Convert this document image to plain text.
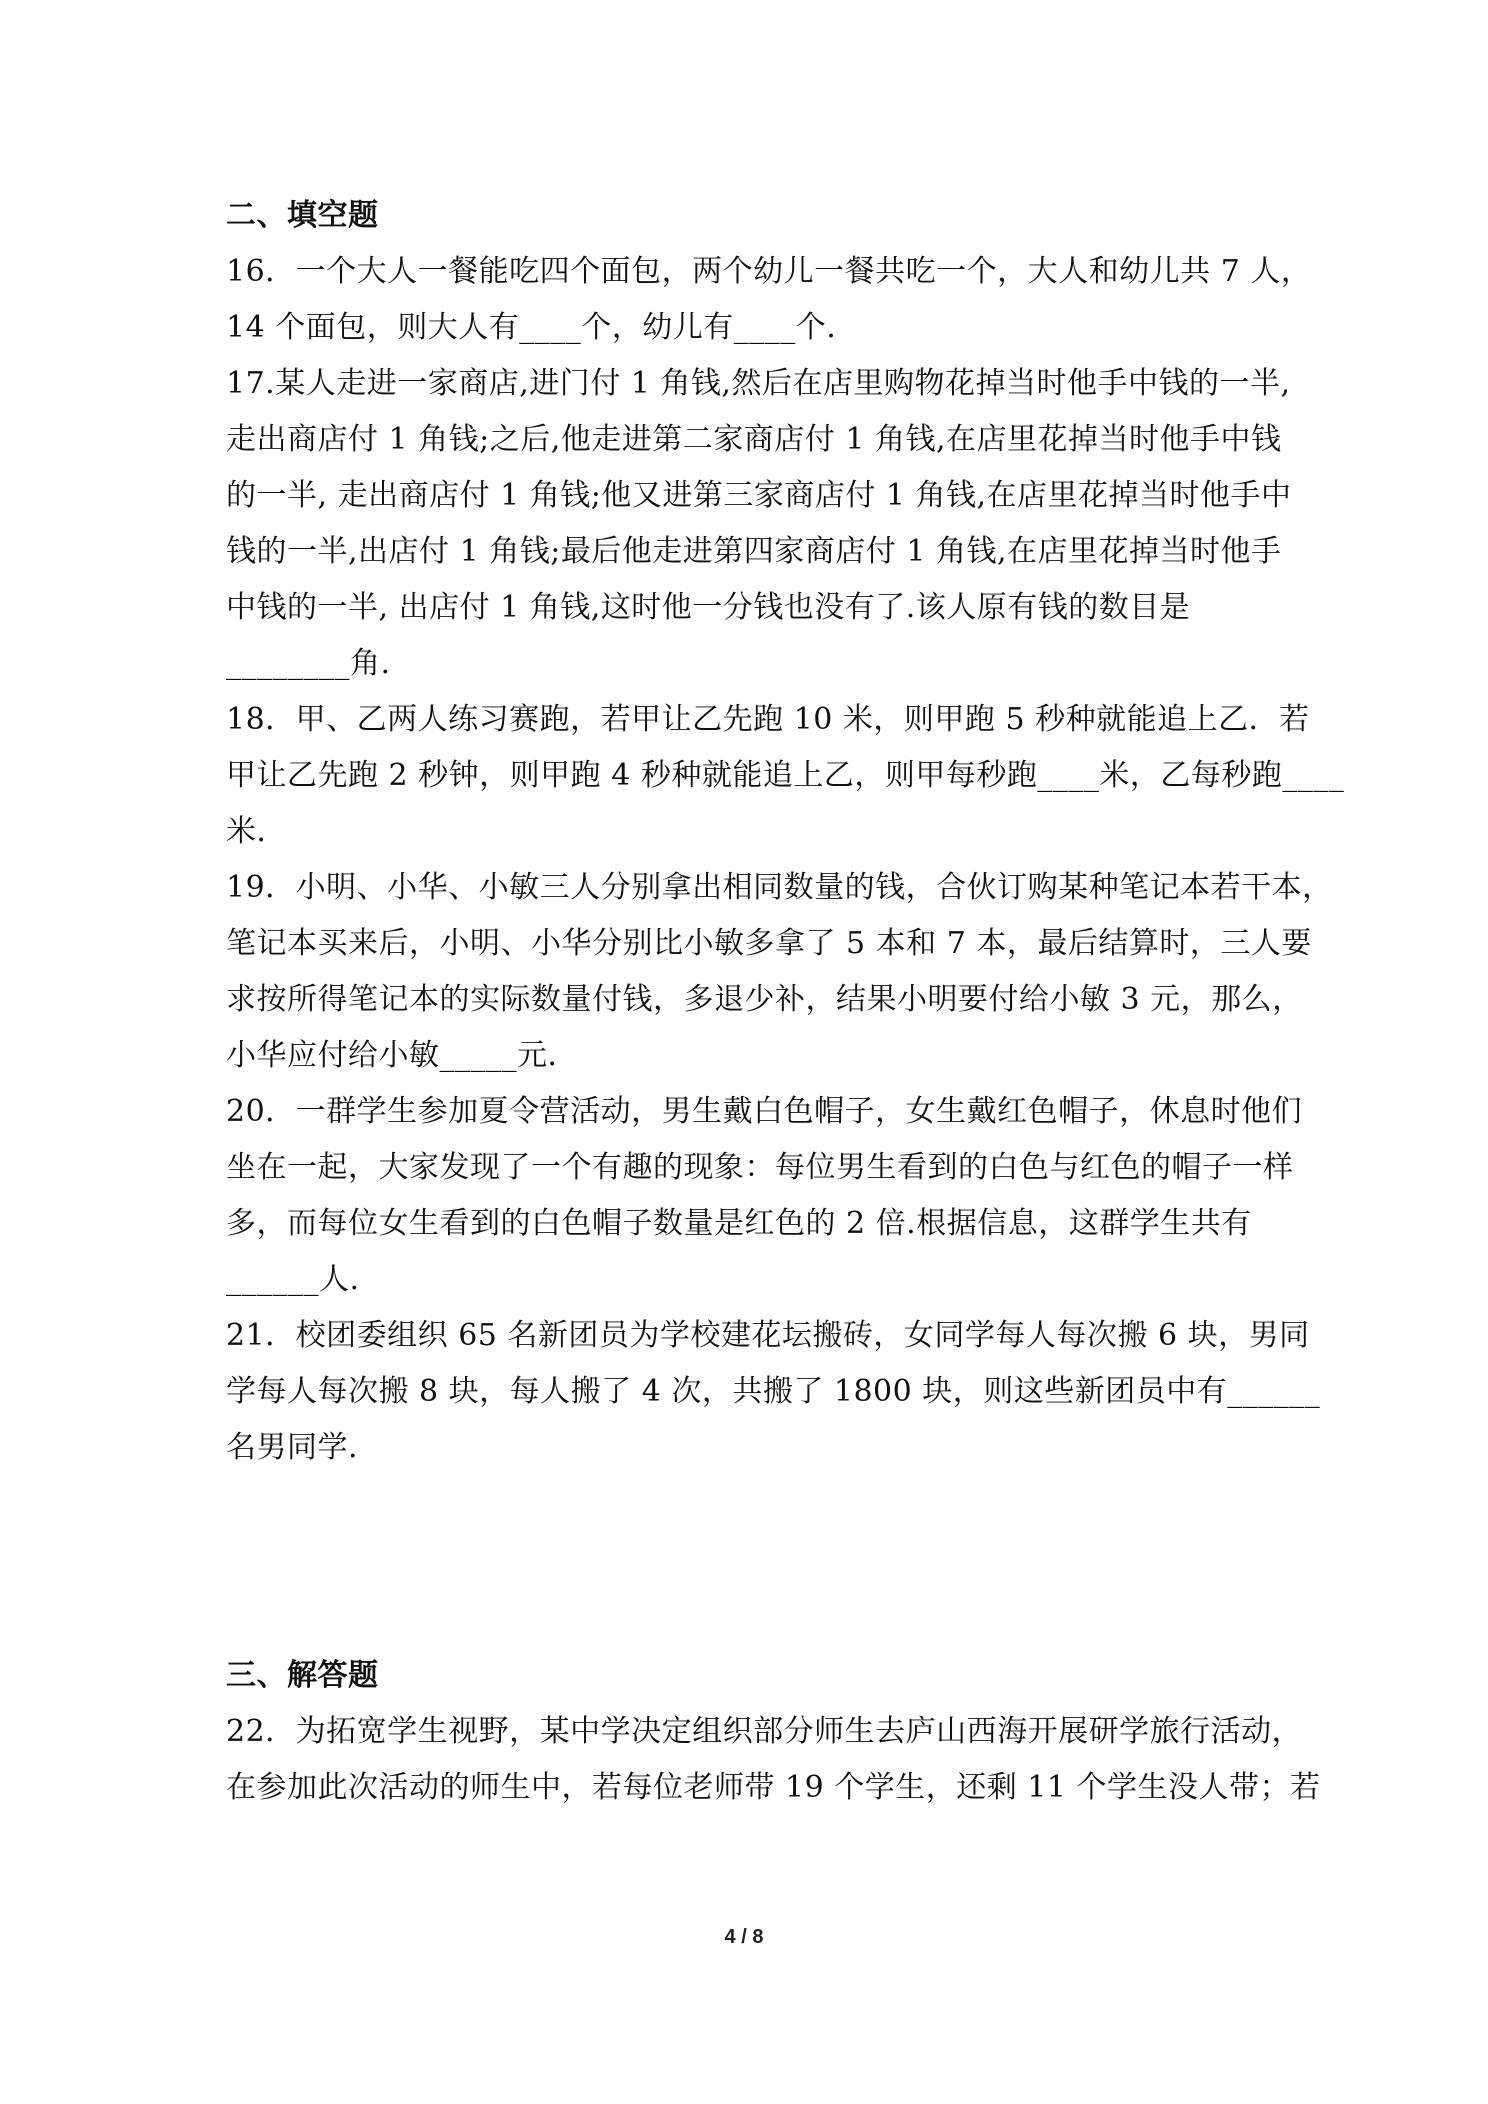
二、填空题
16．一个大人一餐能吃四个面包，两个幼儿一餐共吃一个，大人和幼儿共 7 人，
14 个面包，则大人有____个，幼儿有____个.
17.某人走进一家商店,进门付 1 角钱,然后在店里购物花掉当时他手中钱的一半,
走出商店付 1 角钱;之后,他走进第二家商店付 1 角钱,在店里花掉当时他手中钱
的一半, 走出商店付 1 角钱;他又进第三家商店付 1 角钱,在店里花掉当时他手中
钱的一半,出店付 1 角钱;最后他走进第四家商店付 1 角钱,在店里花掉当时他手
中钱的一半, 出店付 1 角钱,这时他一分钱也没有了.该人原有钱的数目是
________角.
18．甲、乙两人练习赛跑，若甲让乙先跑 10 米，则甲跑 5 秒种就能追上乙．若
甲让乙先跑 2 秒钟，则甲跑 4 秒种就能追上乙，则甲每秒跑____米，乙每秒跑____
米．
19．小明、小华、小敏三人分别拿出相同数量的钱，合伙订购某种笔记本若干本，
笔记本买来后，小明、小华分别比小敏多拿了 5 本和 7 本，最后结算时，三人要
求按所得笔记本的实际数量付钱，多退少补，结果小明要付给小敏 3 元，那么，
小华应付给小敏_____元．
20．一群学生参加夏令营活动，男生戴白色帽子，女生戴红色帽子，休息时他们
坐在一起，大家发现了一个有趣的现象：每位男生看到的白色与红色的帽子一样
多，而每位女生看到的白色帽子数量是红色的 2 倍.根据信息，这群学生共有
______人.
21．校团委组织 65 名新团员为学校建花坛搬砖，女同学每人每次搬 6 块，男同
学每人每次搬 8 块，每人搬了 4 次，共搬了 1800 块，则这些新团员中有______
名男同学.
三、解答题
22．为拓宽学生视野，某中学决定组织部分师生去庐山西海开展研学旅行活动，
在参加此次活动的师生中，若每位老师带 19 个学生，还剩 11 个学生没人带；若
4 / 8
